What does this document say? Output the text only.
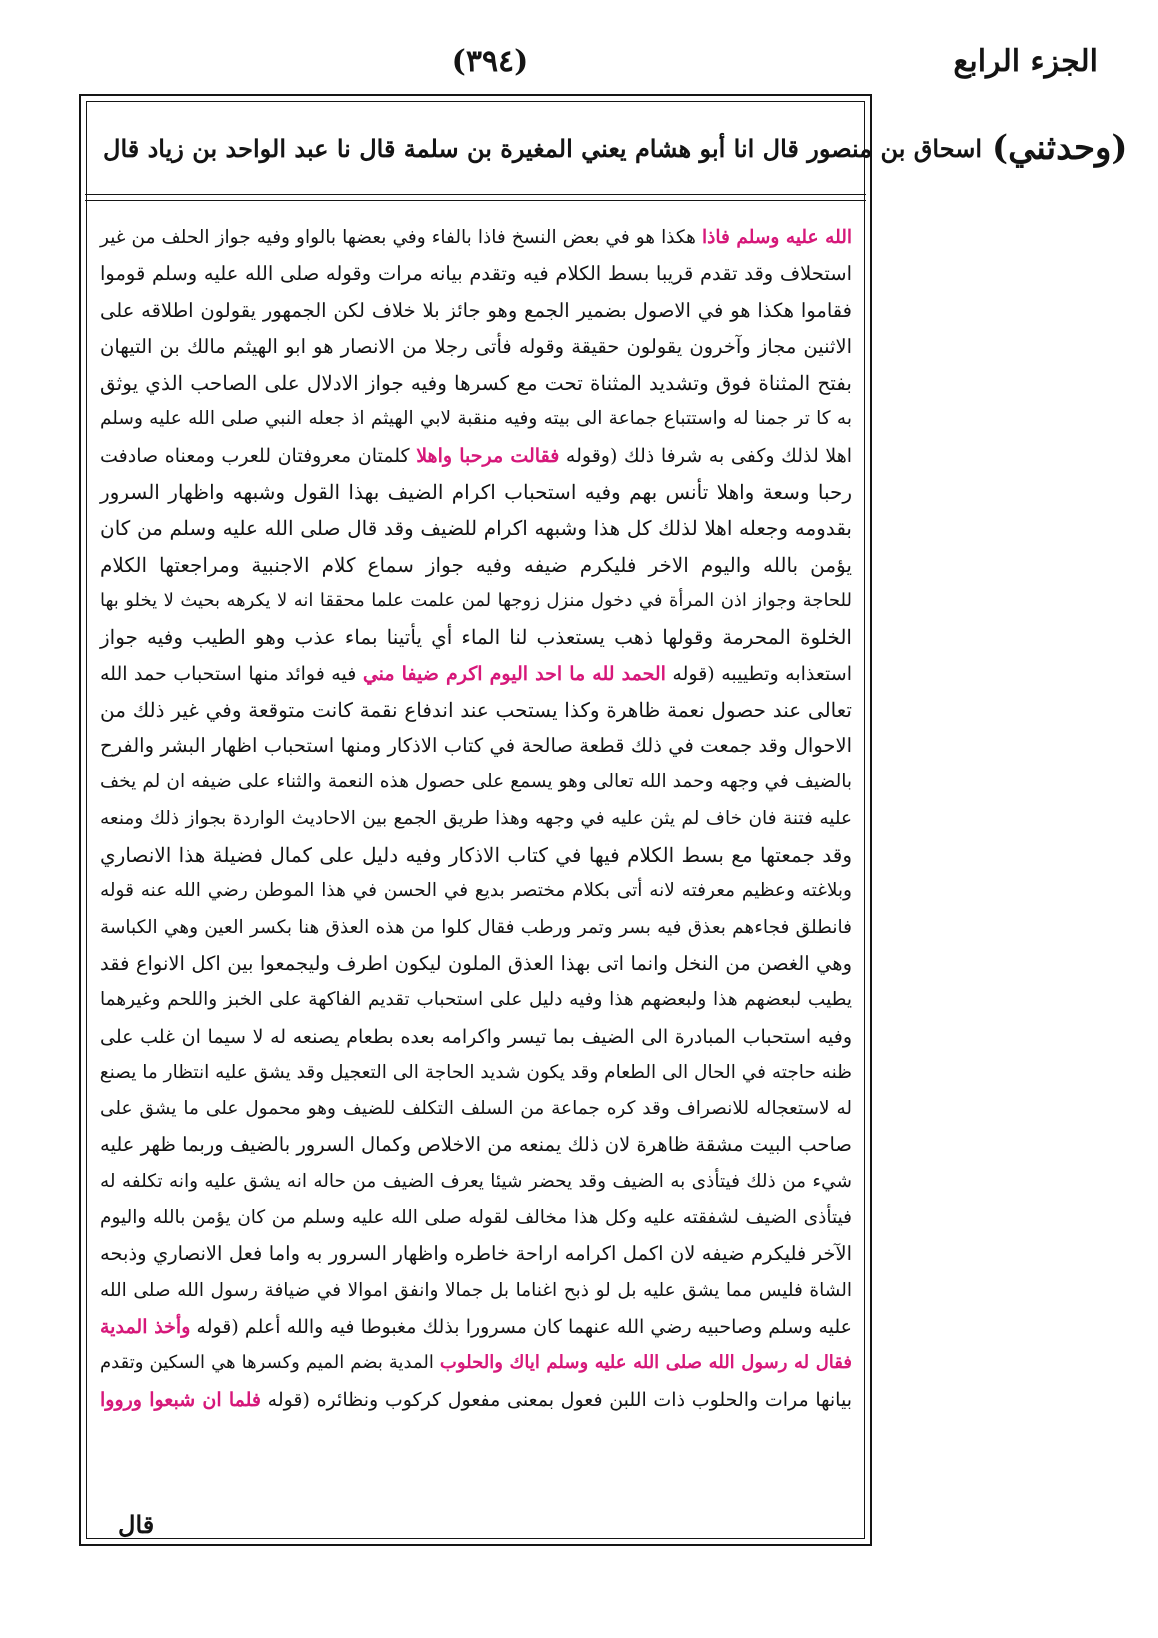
الجزء الرابع
(٣٩٤)
(وحدثني)
اسحاق بن منصور قال انا أبو هشام يعني المغيرة بن سلمة قال نا عبد الواحد بن زياد قال
الله عليه وسلم فاذا هكذا هو في بعض النسخ فاذا بالفاء وفي بعضها بالواو وفيه جواز الحلف من غير
استحلاف وقد تقدم قريبا بسط الكلام فيه وتقدم بيانه مرات وقوله صلى الله عليه وسلم قوموا
فقاموا هكذا هو في الاصول بضمير الجمع وهو جائز بلا خلاف لكن الجمهور يقولون اطلاقه على
الاثنين مجاز وآخرون يقولون حقيقة وقوله فأتى رجلا من الانصار هو ابو الهيثم مالك بن التيهان
بفتح المثناة فوق وتشديد المثناة تحت مع كسرها وفيه جواز الادلال على الصاحب الذي يوثق
به كا تر جمنا له واستتباع جماعة الى بيته وفيه منقبة لابي الهيثم اذ جعله النبي صلى الله عليه وسلم
اهلا لذلك وكفى به شرفا ذلك (وقوله فقالت مرحبا واهلا كلمتان معروفتان للعرب ومعناه صادفت
رحبا وسعة واهلا تأنس بهم وفيه استحباب اكرام الضيف بهذا القول وشبهه واظهار السرور
بقدومه وجعله اهلا لذلك كل هذا وشبهه اكرام للضيف وقد قال صلى الله عليه وسلم من كان
يؤمن بالله واليوم الاخر فليكرم ضيفه وفيه جواز سماع كلام الاجنبية ومراجعتها الكلام
للحاجة وجواز اذن المرأة في دخول منزل زوجها لمن علمت علما محققا انه لا يكرهه بحيث لا يخلو بها
الخلوة المحرمة وقولها ذهب يستعذب لنا الماء أي يأتينا بماء عذب وهو الطيب وفيه جواز
استعذابه وتطييبه (قوله الحمد لله ما احد اليوم اكرم ضيفا مني فيه فوائد منها استحباب حمد الله
تعالى عند حصول نعمة ظاهرة وكذا يستحب عند اندفاع نقمة كانت متوقعة وفي غير ذلك من
الاحوال وقد جمعت في ذلك قطعة صالحة في كتاب الاذكار ومنها استحباب اظهار البشر والفرح
بالضيف في وجهه وحمد الله تعالى وهو يسمع على حصول هذه النعمة والثناء على ضيفه ان لم يخف
عليه فتنة فان خاف لم يثن عليه في وجهه وهذا طريق الجمع بين الاحاديث الواردة بجواز ذلك ومنعه
وقد جمعتها مع بسط الكلام فيها في كتاب الاذكار وفيه دليل على كمال فضيلة هذا الانصاري
وبلاغته وعظيم معرفته لانه أتى بكلام مختصر بديع في الحسن في هذا الموطن رضي الله عنه قوله
فانطلق فجاءهم بعذق فيه بسر وتمر ورطب فقال كلوا من هذه العذق هنا بكسر العين وهي الكباسة
وهي الغصن من النخل وانما اتى بهذا العذق الملون ليكون اطرف وليجمعوا بين اكل الانواع فقد
يطيب لبعضهم هذا ولبعضهم هذا وفيه دليل على استحباب تقديم الفاكهة على الخبز واللحم وغيرهما
وفيه استحباب المبادرة الى الضيف بما تيسر واكرامه بعده بطعام يصنعه له لا سيما ان غلب على
ظنه حاجته في الحال الى الطعام وقد يكون شديد الحاجة الى التعجيل وقد يشق عليه انتظار ما يصنع
له لاستعجاله للانصراف وقد كره جماعة من السلف التكلف للضيف وهو محمول على ما يشق على
صاحب البيت مشقة ظاهرة لان ذلك يمنعه من الاخلاص وكمال السرور بالضيف وربما ظهر عليه
شيء من ذلك فيتأذى به الضيف وقد يحضر شيئا يعرف الضيف من حاله انه يشق عليه وانه تكلفه له
فيتأذى الضيف لشفقته عليه وكل هذا مخالف لقوله صلى الله عليه وسلم من كان يؤمن بالله واليوم
الآخر فليكرم ضيفه لان اكمل اكرامه اراحة خاطره واظهار السرور به واما فعل الانصاري وذبحه
الشاة فليس مما يشق عليه بل لو ذبح اغناما بل جمالا وانفق اموالا في ضيافة رسول الله صلى الله
عليه وسلم وصاحبيه رضي الله عنهما كان مسرورا بذلك مغبوطا فيه والله أعلم (قوله وأخذ المدية
فقال له رسول الله صلى الله عليه وسلم اياك والحلوب المدية بضم الميم وكسرها هي السكين وتقدم
بيانها مرات والحلوب ذات اللبن فعول بمعنى مفعول كركوب ونظائره (قوله فلما ان شبعوا ورووا
قال
